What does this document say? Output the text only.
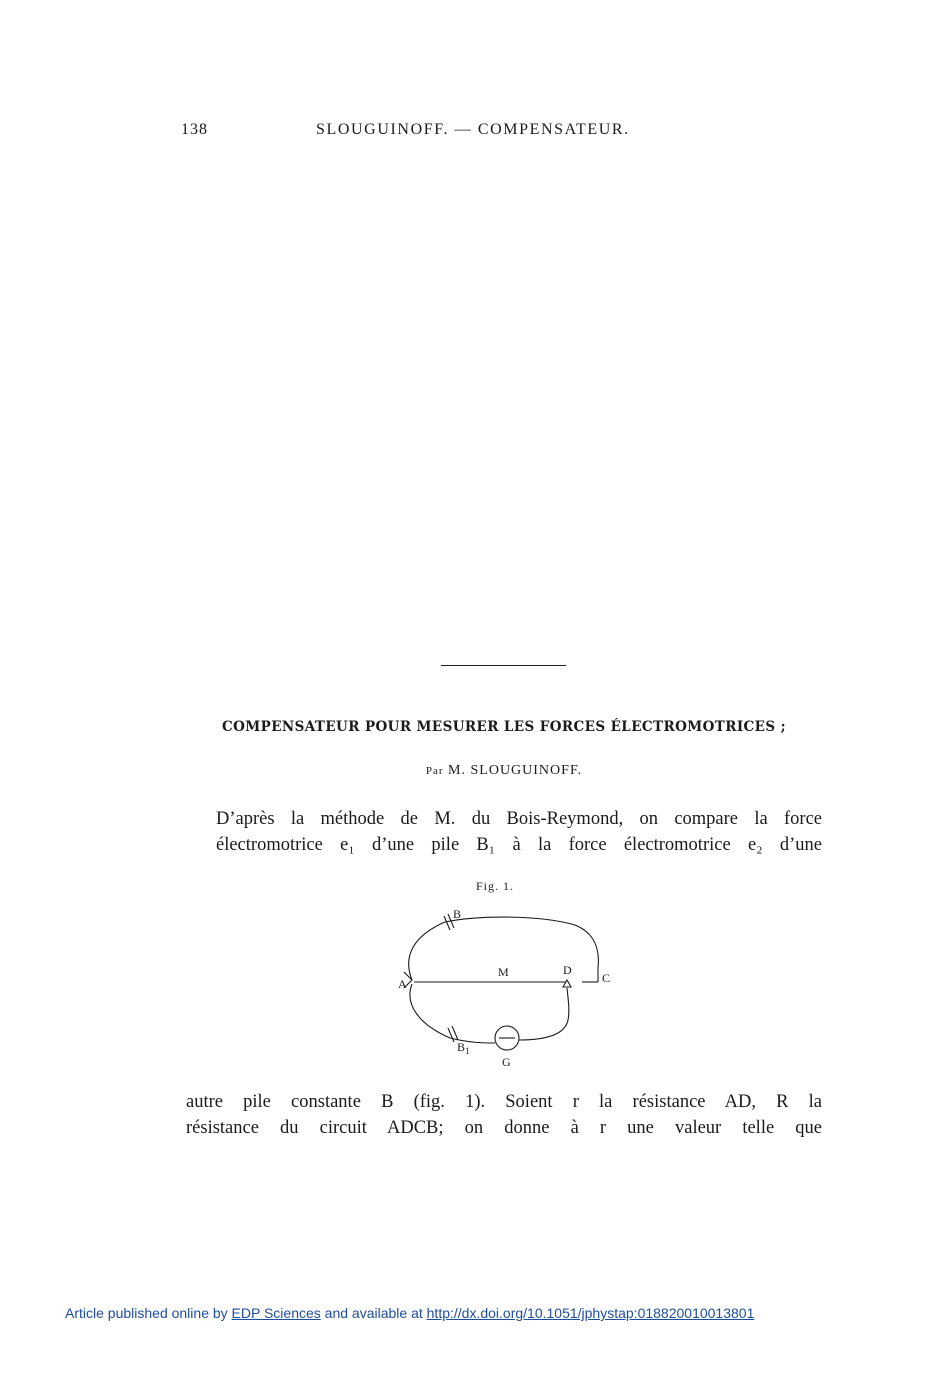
138	SLOUGUINOFF. — COMPENSATEUR.
COMPENSATEUR POUR MESURER LES FORCES ÉLECTROMOTRICES ;
Par M. SLOUGUINOFF.
D’après la méthode de M. du Bois-Reymond, on compare la force
électromotrice e₁ d’une pile B₁ à la force électromotrice e₂ d’une
Fig. 1.
A
B
M	D
C
B 1
G
autre pile constante B (fig. 1). Soient r la résistance AD, R la
résistance du circuit ADCB; on donne à r une valeur telle que
Article published online by EDP Sciences and available at http://dx.doi.org/10.1051/jphystap:018820010013801
